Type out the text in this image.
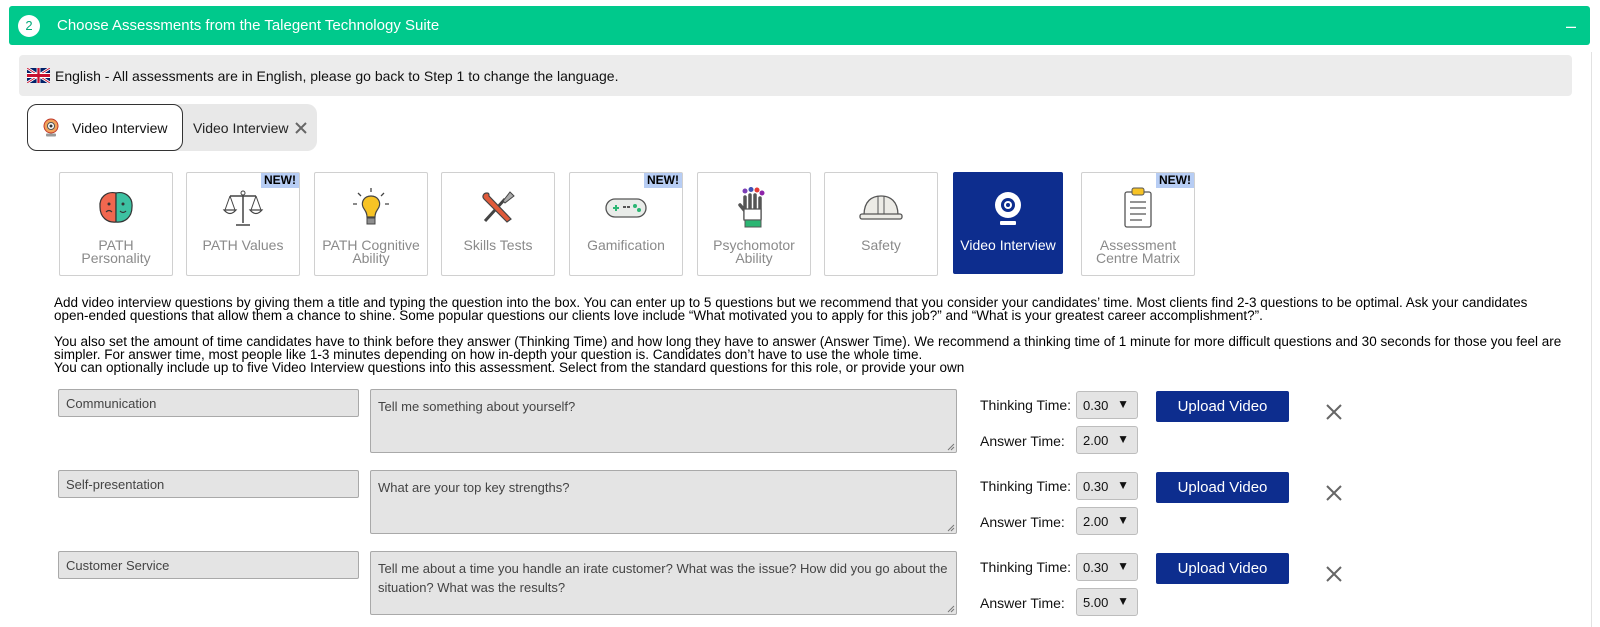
2	Choose Assessments from the Talegent Technology Suite	–
English - All assessments are in English, please go back to Step 1 to change the language.
Video Interview Video Interview
PATH Personality
NEW!
PATH Values	PATH Cognitive Ability
Skills Tests
NEW!
Gamification	Psychomotor Ability
Safety	Video Interview
NEW!
Assessment Centre Matrix

Add video interview questions by giving them a title and typing the question into the box. You can enter up to 5 questions but we recommend that you consider your candidates’ time. Most clients find 2-3 questions to be optimal. Ask your candidates open-ended questions that allow them a chance to shine. Some popular questions our clients love include “What motivated you to apply for this job?” and “What is your greatest career accomplishment?”.

You also set the amount of time candidates have to think before they answer (Thinking Time) and how long they have to answer (Answer Time). We recommend a thinking time of 1 minute for more difficult questions and 30 seconds for those you feel are simpler. For answer time, most people like 1-3 minutes depending on how in-depth your question is. Candidates don’t have to use the whole time.

You can optionally include up to five Video Interview questions into this assessment. Select from the standard questions for this role, or provide your own

Communication	Tell me something about yourself?	Thinking Time: 0.30 ▼
Answer Time:	2.00 ▼
Upload Video
Self-presentation	What are your top key strengths?	Thinking Time: 0.30 ▼
Answer Time:	2.00 ▼
Upload Video
Customer Service	Tell me about a time you handle an irate customer? What was the issue? How did you go about the situation? What was the results?
Thinking Time: 0.30 ▼
Answer Time:	5.00 ▼
Upload Video
